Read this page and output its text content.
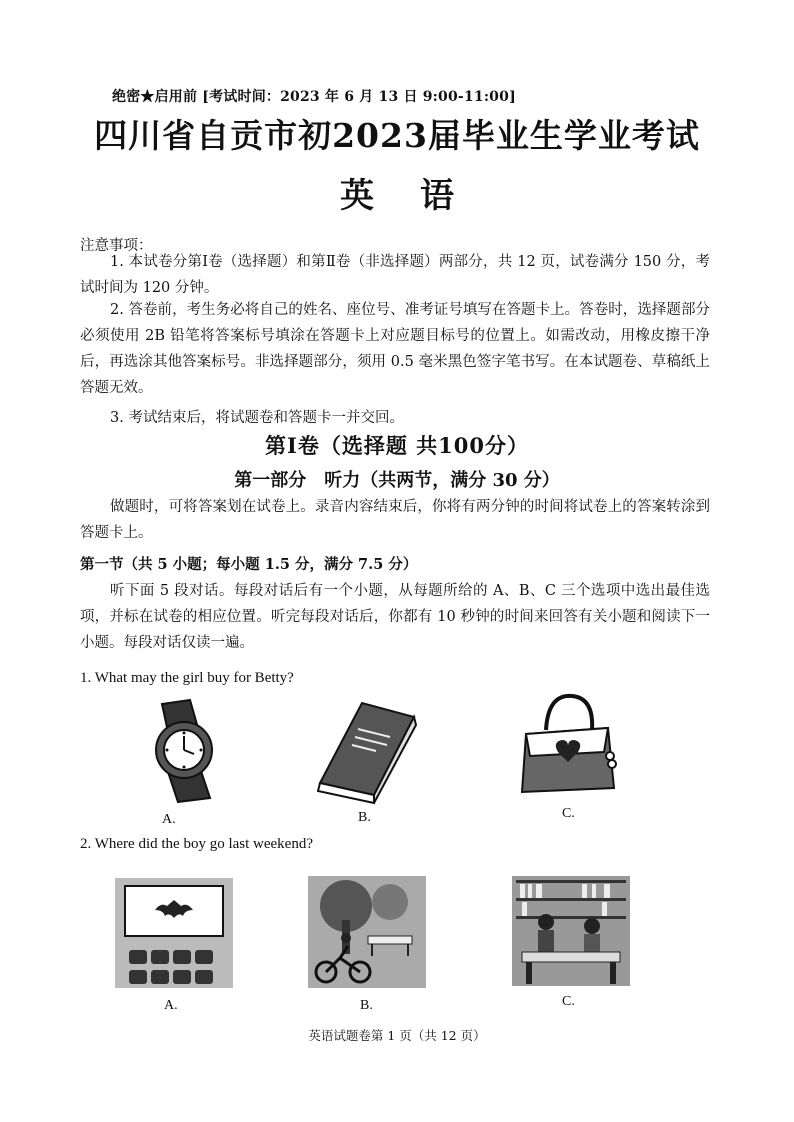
绝密★启用前 [考试时间：2023 年 6 月 13 日 9:00-11:00]
四川省自贡市初2023届毕业生学业考试
英语
注意事项：
1. 本试卷分第Ⅰ卷（选择题）和第Ⅱ卷（非选择题）两部分，共 12 页，试卷满分 150 分，考试时间为 120 分钟。
2. 答卷前，考生务必将自己的姓名、座位号、准考证号填写在答题卡上。答卷时，选择题部分必须使用 2B 铅笔将答案标号填涂在答题卡上对应题目标号的位置上。如需改动，用橡皮擦干净后，再选涂其他答案标号。非选择题部分，须用 0.5 毫米黑色签字笔书写。在本试题卷、草稿纸上答题无效。
3. 考试结束后，将试题卷和答题卡一并交回。
第Ⅰ卷（选择题 共100分）
第一部分　听力（共两节，满分 30 分）
做题时，可将答案划在试卷上。录音内容结束后，你将有两分钟的时间将试卷上的答案转涂到答题卡上。
第一节（共 5 小题；每小题 1.5 分，满分 7.5 分）
听下面 5 段对话。每段对话后有一个小题，从每题所给的 A、B、C 三个选项中选出最佳选项，并标在试卷的相应位置。听完每段对话后，你都有 10 秒钟的时间来回答有关小题和阅读下一小题。每段对话仅读一遍。
1. What may the girl buy for Betty?
A.	B.	C.
2. Where did the boy go last weekend?
A.	B.	C.
英语试题卷第 1 页（共 12 页）
